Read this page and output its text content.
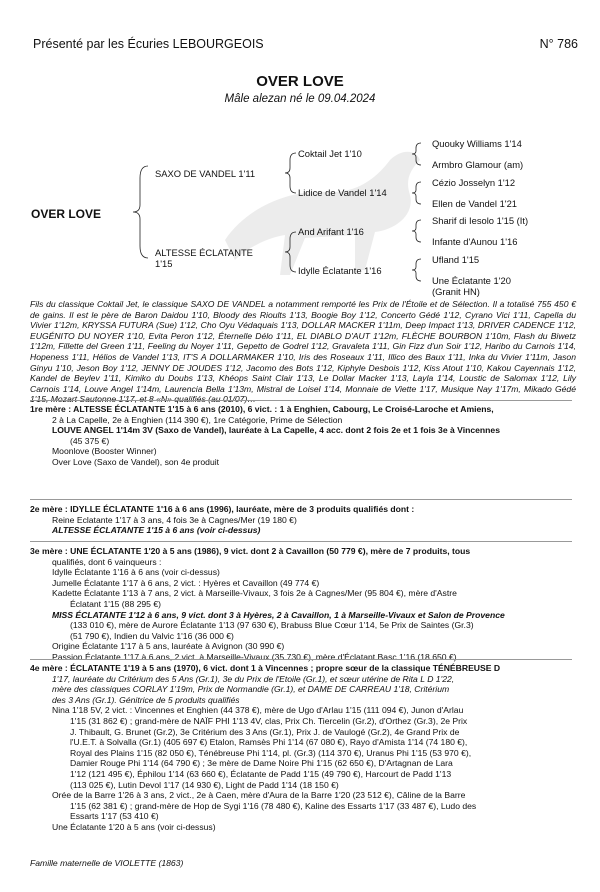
Présenté par les Écuries LEBOURGEOIS	N° 786
OVER LOVE
Mâle alezan né le 09.04.2024
OVER LOVE
SAXO DE VANDEL 1'11
ALTESSE ÉCLATANTE
1'15
Coktail Jet 1'10
Lidice de Vandel 1'14
And Arifant 1'16
Idylle Éclatante 1'16
Quouky Williams 1'14
Armbro Glamour (am)
Cézio Josselyn 1'12
Ellen de Vandel 1'21
Sharif di Iesolo 1'15 (It)
Infante d'Aunou 1'16
Ufland 1'15
Une Éclatante 1'20
(Granit HN)
Fils du classique Coktail Jet, le classique SAXO DE VANDEL a notamment remporté les Prix de l'Étoile et de Sélection. Il a totalisé 755 450 € de gains. Il est le père de Baron Daidou 1'10, Bloody des Rioults 1'13, Boogie Boy 1'12, Concerto Gédé 1'12, Cyrano Vici 1'11, Capella du Vivier 1'12m, KRYSSA FUTURA (Sue) 1'12, Cho Oyu Védaquais 1'13, DOLLAR MACKER 1'11m, Deep Impact 1'13, DRIVER CADENCE 1'12, EUGÉNITO DU NOYER 1'10, Evita Peron 1'12, Éternelle Délo 1'11, EL DIABLO D'AUT 1'12m, FLÈCHE BOURBON 1'10m, Flash du Biwetz 1'12m, Fillette del Green 1'11, Feeling du Noyer 1'11, Gepetto de Godrel 1'12, Gravaleta 1'11, Gin Fizz d'un Soir 1'12, Haribo du Carnois 1'14, Hopeness 1'11, Hélios de Vandel 1'13, IT'S A DOLLARMAKER 1'10, Iris des Roseaux 1'11, Illico des Baux 1'11, Inka du Vivier 1'11m, Jason Ginyu 1'10, Jeson Boy 1'12, JENNY DE JOUDES 1'12, Jacomo des Bots 1'12, Kiphyle Desbois 1'12, Kiss Atout 1'10, Kakou Cayennais 1'12, Kandel de Beylev 1'11, Kimiko du Doubs 1'13, Khéops Saint Clair 1'13, Le Dollar Macker 1'13, Layla 1'14, Loustic de Salomax 1'12, Lily Carnois 1'14, Louve Angel 1'14m, Laurencia Bella 1'13m, Mistral de Loisel 1'14, Monnaie de Viette 1'17, Musique Nay 1'17m, Mikado Gédé 1'15, Mozart Sautonne 1'17, et 8 «N» qualifiés (au 01/07)…
1re mère : ALTESSE ÉCLATANTE 1'15 à 6 ans (2010), 6 vict. : 1 à Enghien, Cabourg, Le Croisé-Laroche et Amiens,
2 à La Capelle, 2e à Enghien (114 390 €), 1re Catégorie, Prime de Sélection
LOUVE ANGEL 1'14m 3V (Saxo de Vandel), lauréate à La Capelle, 4 acc. dont 2 fois 2e et 1 fois 3e à Vincennes
(45 375 €)
Moonlove (Booster Winner)
Over Love (Saxo de Vandel), son 4e produit
2e mère : IDYLLE ÉCLATANTE 1'16 à 6 ans (1996), lauréate, mère de 3 produits qualifiés dont :
Reine Eclatante 1'17 à 3 ans, 4 fois 3e à Cagnes/Mer (19 180 €)
ALTESSE ÉCLATANTE 1'15 à 6 ans (voir ci-dessus)
3e mère : UNE ÉCLATANTE 1'20 à 5 ans (1986), 9 vict. dont 2 à Cavaillon (50 779 €), mère de 7 produits, tous
qualifiés, dont 6 vainqueurs :
Idylle Éclatante 1'16 à 6 ans (voir ci-dessus)
Jumelle Éclatante 1'17 à 6 ans, 2 vict. : Hyères et Cavaillon (49 774 €)
Kadette Éclatante 1'13 à 7 ans, 2 vict. à Marseille-Vivaux, 3 fois 2e à Cagnes/Mer (95 804 €), mère d'Astre
Éclatant 1'15 (88 295 €)
MISS ÉCLATANTE 1'12 à 6 ans, 9 vict. dont 3 à Hyères, 2 à Cavaillon, 1 à Marseille-Vivaux et Salon de Provence
(133 010 €), mère de Aurore Éclatante 1'13 (97 630 €), Brabuss Blue Cœur 1'14, 5e Prix de Saintes (Gr.3)
(51 790 €), Indien du Valvic 1'16 (36 000 €)
Origine Éclatante 1'17 à 5 ans, lauréate à Avignon (30 990 €)
Passion Éclatante 1'17 à 6 ans, 2 vict. à Marseille-Vivaux (35 730 €), mère d'Éclatant Basc 1'16 (18 650 €)
4e mère : ÉCLATANTE 1'19 à 5 ans (1970), 6 vict. dont 1 à Vincennes ; propre sœur de la classique TÉNÉBREUSE D
1'17, lauréate du Critérium des 5 Ans (Gr.1), 3e du Prix de l'Etoile (Gr.1), et sœur utérine de Rita L D 1'22,
mère des classiques CORLAY 1'19m, Prix de Normandie (Gr.1), et DAME DE CARREAU 1'18, Critérium
des 3 Ans (Gr.1). Génitrice de 5 produits qualifiés
Nina 1'18 5V, 2 vict. : Vincennes et Enghien (44 378 €), mère de Ugo d'Arlau 1'15 (111 094 €), Junon d'Arlau
1'15 (31 862 €) ; grand-mère de NAÏF PHI 1'13 4V, clas, Prix Ch. Tiercelin (Gr.2), d'Orthez (Gr.3), 2e Prix
J. Thibault, G. Brunet (Gr.2), 3e Critérium des 3 Ans (Gr.1), Prix J. de Vaulogé (Gr.2), 4e Grand Prix de
l'U.E.T. à Solvalla (Gr.1) (405 697 €) Etalon, Ramsès Phi 1'14 (67 080 €), Rayo d'Amista 1'14 (74 180 €),
Royal des Plains 1'15 (82 050 €), Ténébreuse Phi 1'14, pl. (Gr.3) (114 370 €), Uranus Phi 1'15 (53 970 €),
Damier Rouge Phi 1'14 (64 790 €) ; 3e mère de Dame Noire Phi 1'15 (62 650 €), D'Artagnan de Lara
1'12 (121 495 €), Éphilou 1'14 (63 660 €), Éclatante de Padd 1'15 (49 790 €), Harcourt de Padd 1'13
(113 025 €), Lutin Devol 1'17 (14 930 €), Light de Padd 1'14 (18 150 €)
Orée de la Barre 1'26 à 3 ans, 2 vict., 2e à Caen, mère d'Aura de la Barre 1'20 (23 512 €), Câline de la Barre
1'15 (62 381 €) ; grand-mère de Hop de Sygi 1'16 (78 480 €), Kaline des Essarts 1'17 (33 487 €), Ludo des
Essarts 1'17 (53 410 €)
Une Éclatante 1'20 à 5 ans (voir ci-dessus)
Famille maternelle de VIOLETTE (1863)
